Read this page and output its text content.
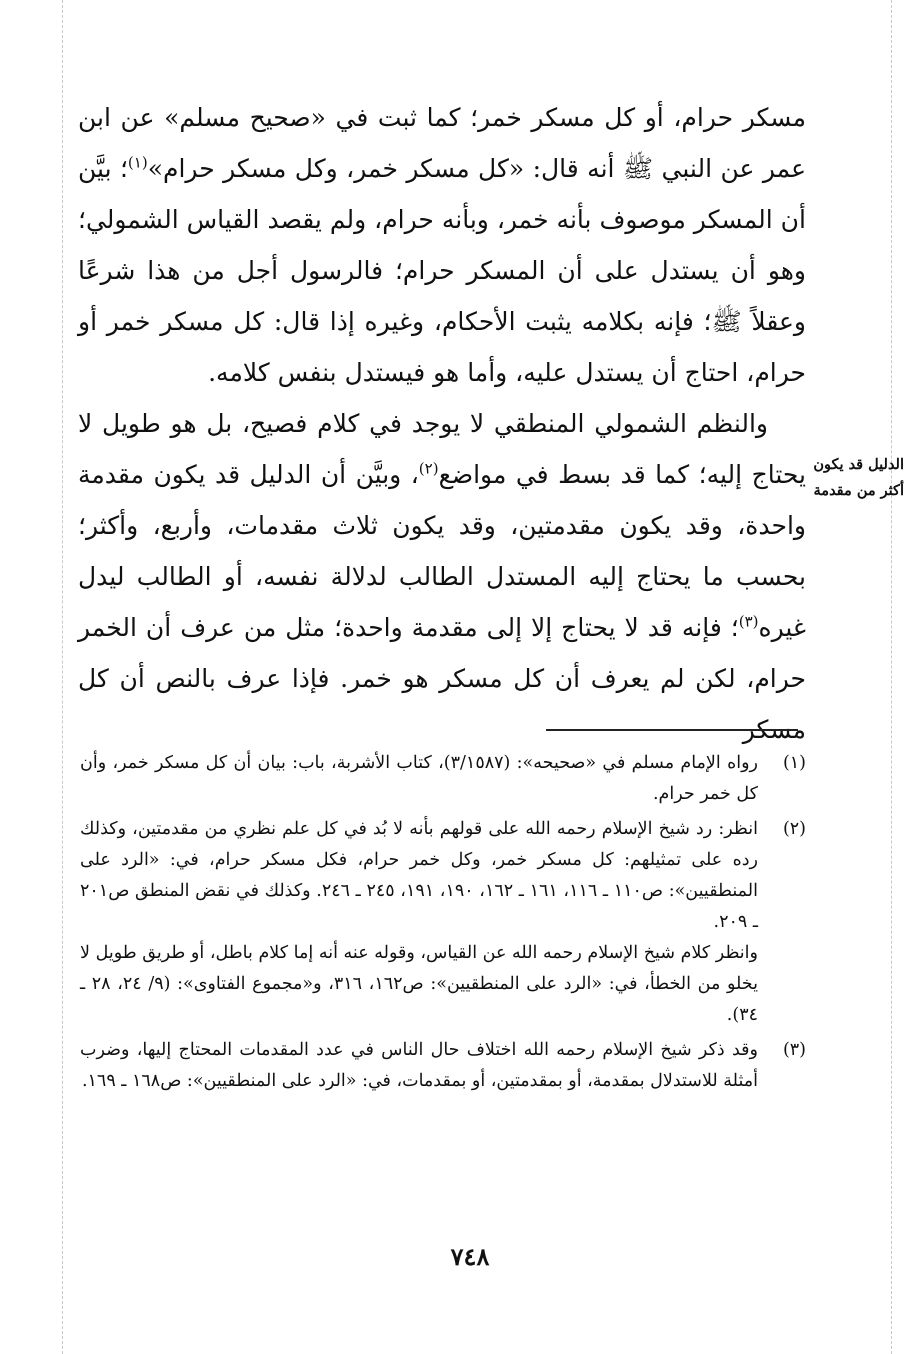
مسكر حرام، أو كل مسكر خمر؛ كما ثبت في «صحيح مسلم» عن ابن عمر عن النبي ﷺ أنه قال: «كل مسكر خمر، وكل مسكر حرام»$^{(١)}$؛ بيَّن أن المسكر موصوف بأنه خمر، وبأنه حرام، ولم يقصد القياس الشمولي؛ وهو أن يستدل على أن المسكر حرام؛ فالرسول أجل من هذا شرعًا وعقلاً ﷺ؛ فإنه بكلامه يثبت الأحكام، وغيره إذا قال: كل مسكر خمر أو حرام، احتاج أن يستدل عليه، وأما هو فيستدل بنفس كلامه.

والنظم الشمولي المنطقي لا يوجد في كلام فصيح، بل هو طويل لا يحتاج إليه؛ كما قد بسط في مواضع$^{(٢)}$، وبيَّن أن الدليل قد يكون مقدمة واحدة، وقد يكون مقدمتين، وقد يكون ثلاث مقدمات، وأربع، وأكثر؛ بحسب ما يحتاج إليه المستدل الطالب لدلالة نفسه، أو الطالب ليدل غيره$^{(٣)}$؛ فإنه قد لا يحتاج إلا إلى مقدمة واحدة؛ مثل من عرف أن الخمر حرام، لكن لم يعرف أن كل مسكر هو خمر. فإذا عرف بالنص أن كل مسكر

الدليل قد يكون
أكثر من مقدمة
(١)

رواه الإمام مسلم في «صحيحه»: (٣/١٥٨٧)، كتاب الأشربة، باب: بيان أن كل مسكر خمر، وأن كل خمر حرام.

(٢)

انظر: رد شيخ الإسلام رحمه الله على قولهم بأنه لا بُد في كل علم نظري من مقدمتين، وكذلك رده على تمثيلهم: كل مسكر خمر، وكل خمر حرام، فكل مسكر حرام، في: «الرد على المنطقيين»: ص١١٠ ـ ١١٦، ١٦١ ـ ١٦٢، ١٩٠، ١٩١، ٢٤٥ ـ ٢٤٦. وكذلك في نقض المنطق ص٢٠١ ـ ٢٠٩.

وانظر كلام شيخ الإسلام رحمه الله عن القياس، وقوله عنه أنه إما كلام باطل، أو طريق طويل لا يخلو من الخطأ، في: «الرد على المنطقيين»: ص١٦٢، ٣١٦، و«مجموع الفتاوى»: (٩/ ٢٤، ٢٨ ـ ٣٤).

(٣)

وقد ذكر شيخ الإسلام رحمه الله اختلاف حال الناس في عدد المقدمات المحتاج إليها، وضرب أمثلة للاستدلال بمقدمة، أو بمقدمتين، أو بمقدمات، في: «الرد على المنطقيين»: ص١٦٨ ـ ١٦٩.

٧٤٨
